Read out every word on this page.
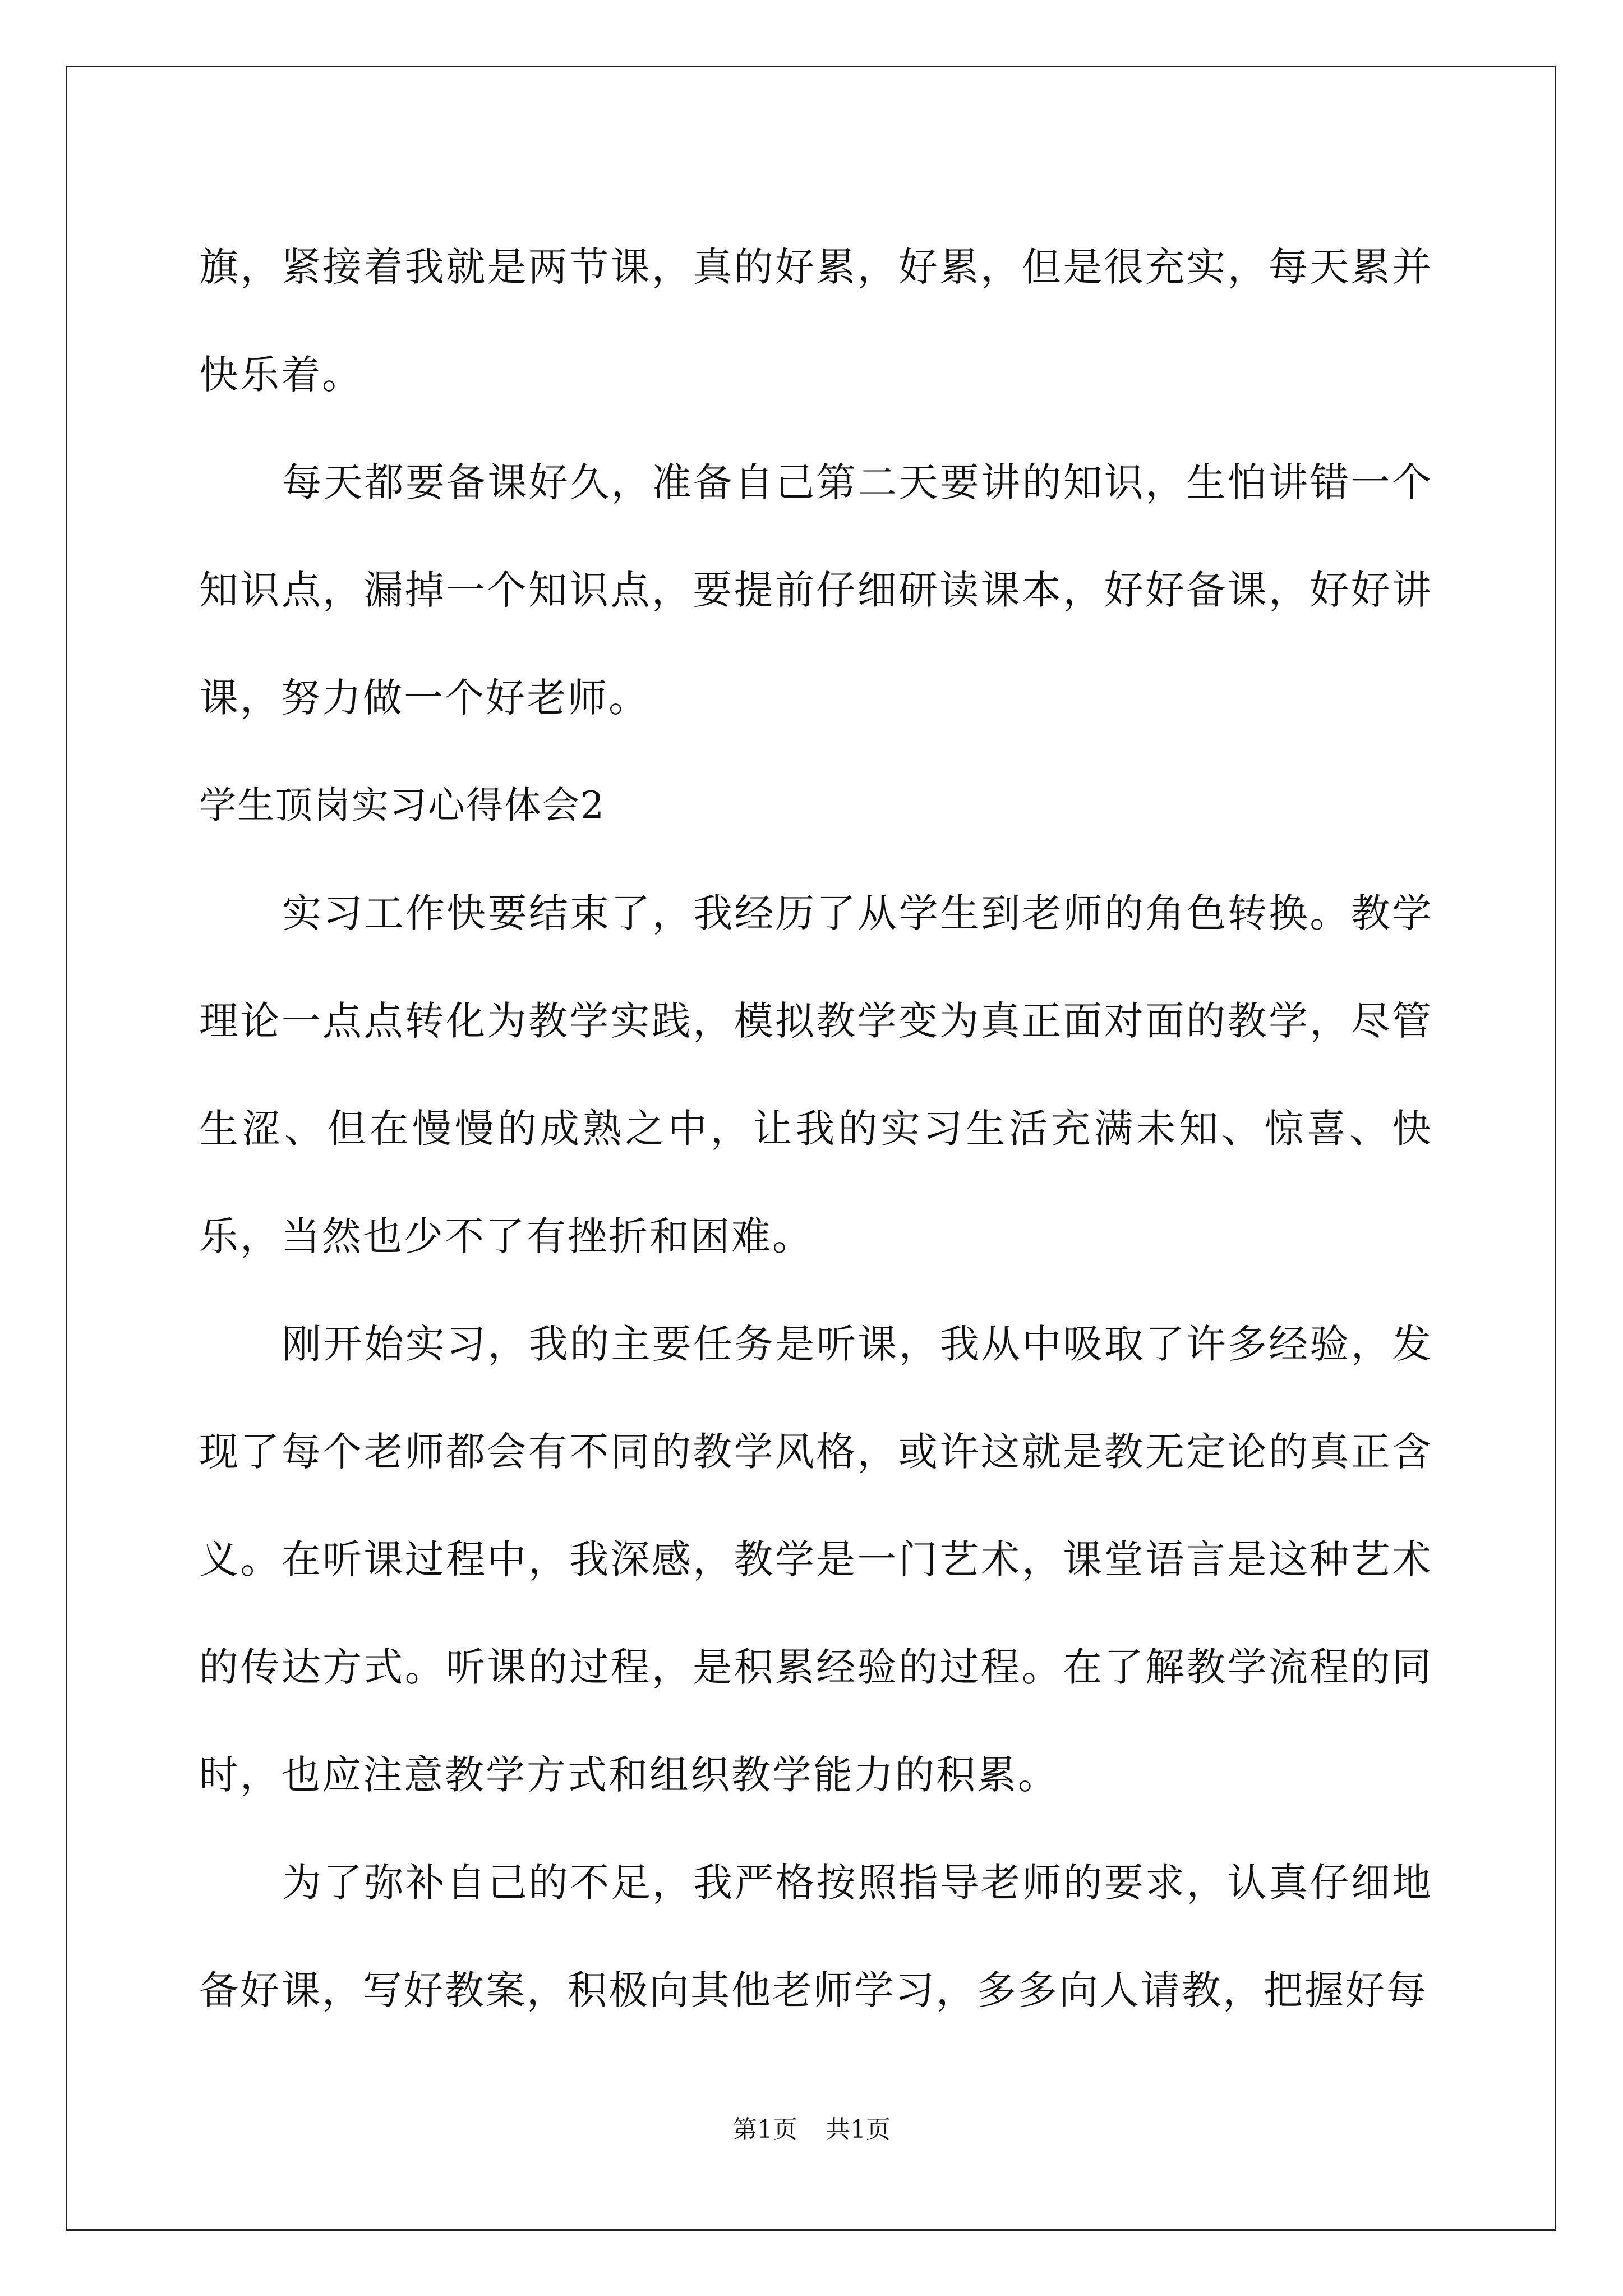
旗，紧接着我就是两节课，真的好累，好累，但是很充实，每天累并快乐着。

每天都要备课好久，准备自己第二天要讲的知识，生怕讲错一个知识点，漏掉一个知识点，要提前仔细研读课本，好好备课，好好讲课，努力做一个好老师。

学生顶岗实习心得体会2

实习工作快要结束了，我经历了从学生到老师的角色转换。教学理论一点点转化为教学实践，模拟教学变为真正面对面的教学，尽管生涩、但在慢慢的成熟之中，让我的实习生活充满未知、惊喜、快乐，当然也少不了有挫折和困难。

刚开始实习，我的主要任务是听课，我从中吸取了许多经验，发现了每个老师都会有不同的教学风格，或许这就是教无定论的真正含义。在听课过程中，我深感，教学是一门艺术，课堂语言是这种艺术的传达方式。听课的过程，是积累经验的过程。在了解教学流程的同时，也应注意教学方式和组织教学能力的积累。

为了弥补自己的不足，我严格按照指导老师的要求，认真仔细地备好课，写好教案，积极向其他老师学习，多多向人请教，把握好每

第1页 共1页
